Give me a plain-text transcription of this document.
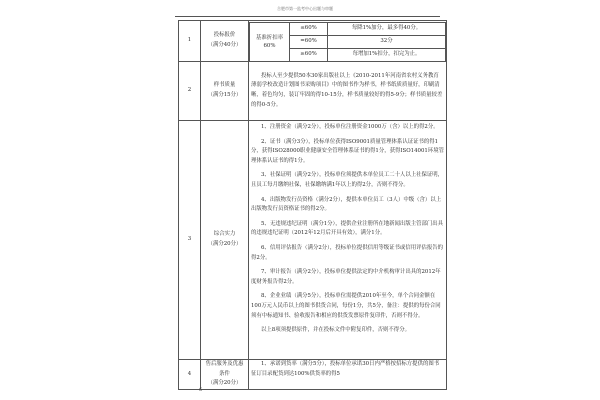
合肥市第一监考中心出题与审题
1	
投标报价
（满分40分）

基准折扣率60%	≤60%	每降1%加分，最多得40分。
=60%	32分
≥60%	每增加1%扣分，扣完为止。

2	
样书质量
（满分15分）

投标人至少提供50本30家出版社以上《2010-2011年河南省农村义务教育薄弱学校改造计划图书采购项目》中的图书作为样书，样书纸质质量好，印刷清晰，着色均匀，装订牢固的得10-15分，样书质量较好的得5-9分；样书质量较差的得0-5分。

3	
综合实力
（满分20分）

1、注册资金（满分2分），投标单位注册资金1000万（含）以上的得2分。
2、证书（满分3分），投标单位获得ISO9001质量管理体系认证证书的得1分，获得ISO28000职业健康安全管理体系证书的得1分，获得ISO14001环境管理体系认证书的得1分。
3、社保证明（满分2分），投标单位须提供本单位员工二十人以上社保证明，且员工每月缴纳社保，社保缴纳满1年以上的得2分，否则不得分。
4、出版物发行员资格（满分2分），提供本单位员工（3人）中级（含）以上出版物发行员资格证书的得2分。
5、无违规违纪证明（满分1分），提供企业注册所在地新闻出版主管部门出具的违规违纪证明（2012年12月后开具有效），满分1分。
6、信用评估报告（满分2分），投标单位提供信用等级证书或信用评估报告的得2分。
7、审计报告（满分2分），投标单位提供法定的中介机构审计出具的2012年度财务报告得2分。
8、企业业绩（满分5分），投标单位需提供2010年至今，单个合同金额在100万元人民币以上的图书供货合同，每份1分，共5分，备注：提供的每份合同须有中标通知书、验收报告和相应的供货发票原件复印件，否则不得分。
以上8项须提供原件，并在投标文件中附复印件，否则不得分。

4	
售后服务及优惠条件
（满分20分）

1、承诺到货率（满分5分），投标单位承诺30日内严格按招标方提供的图书征订目录配货到达100%供货率的得5
6
